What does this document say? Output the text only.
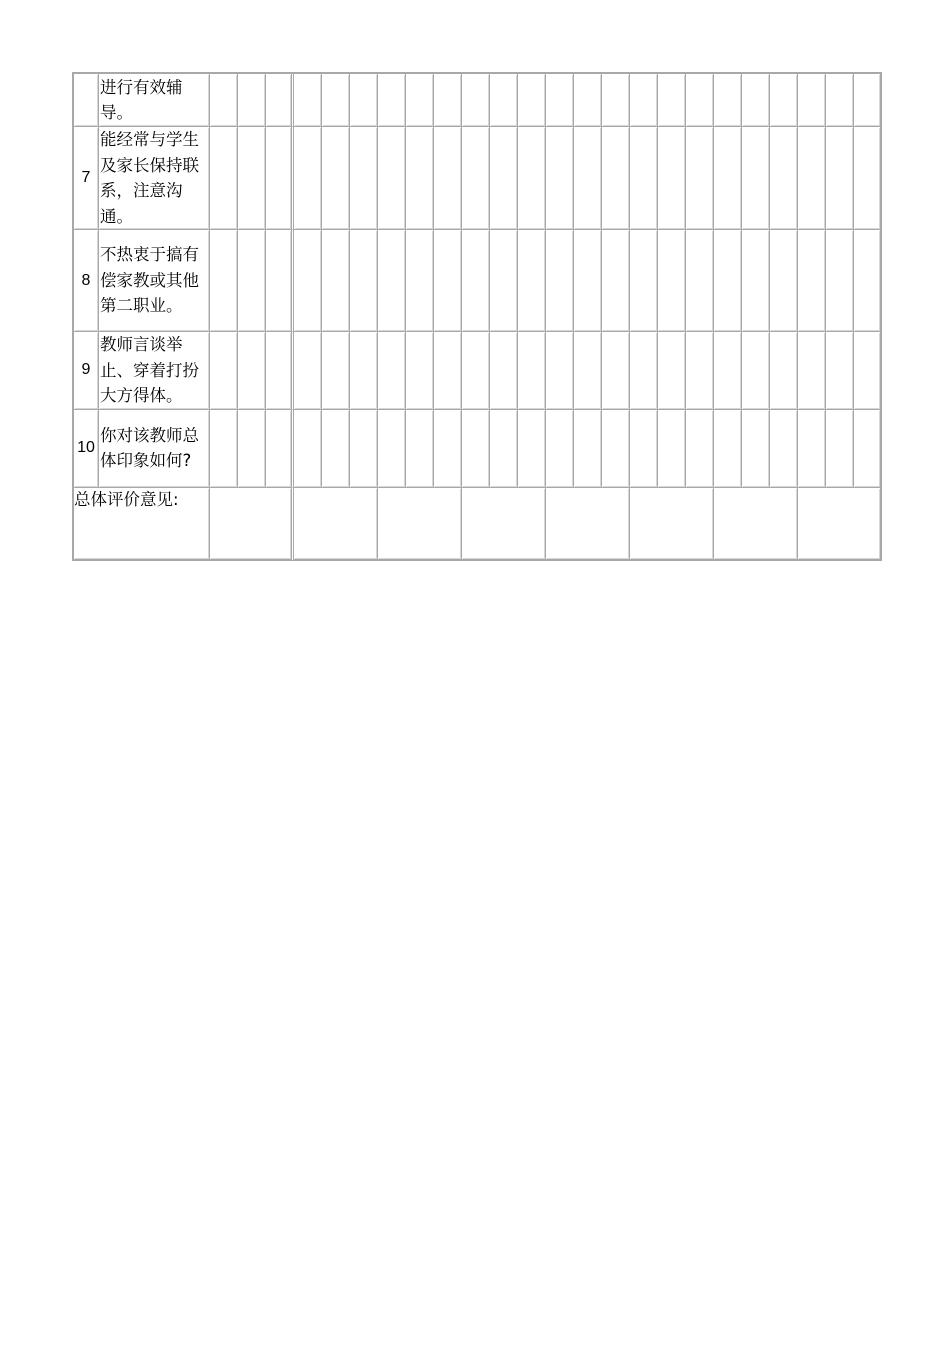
	进行有效辅导。																								

7	能经常与学生及家长保持联系，注意沟通。																								

8	不热衷于搞有偿家教或其他第二职业。																								

9	教师言谈举止、穿着打扮大方得体。																								

10	你对该教师总体印象如何?																								

总体评价意见:																									
